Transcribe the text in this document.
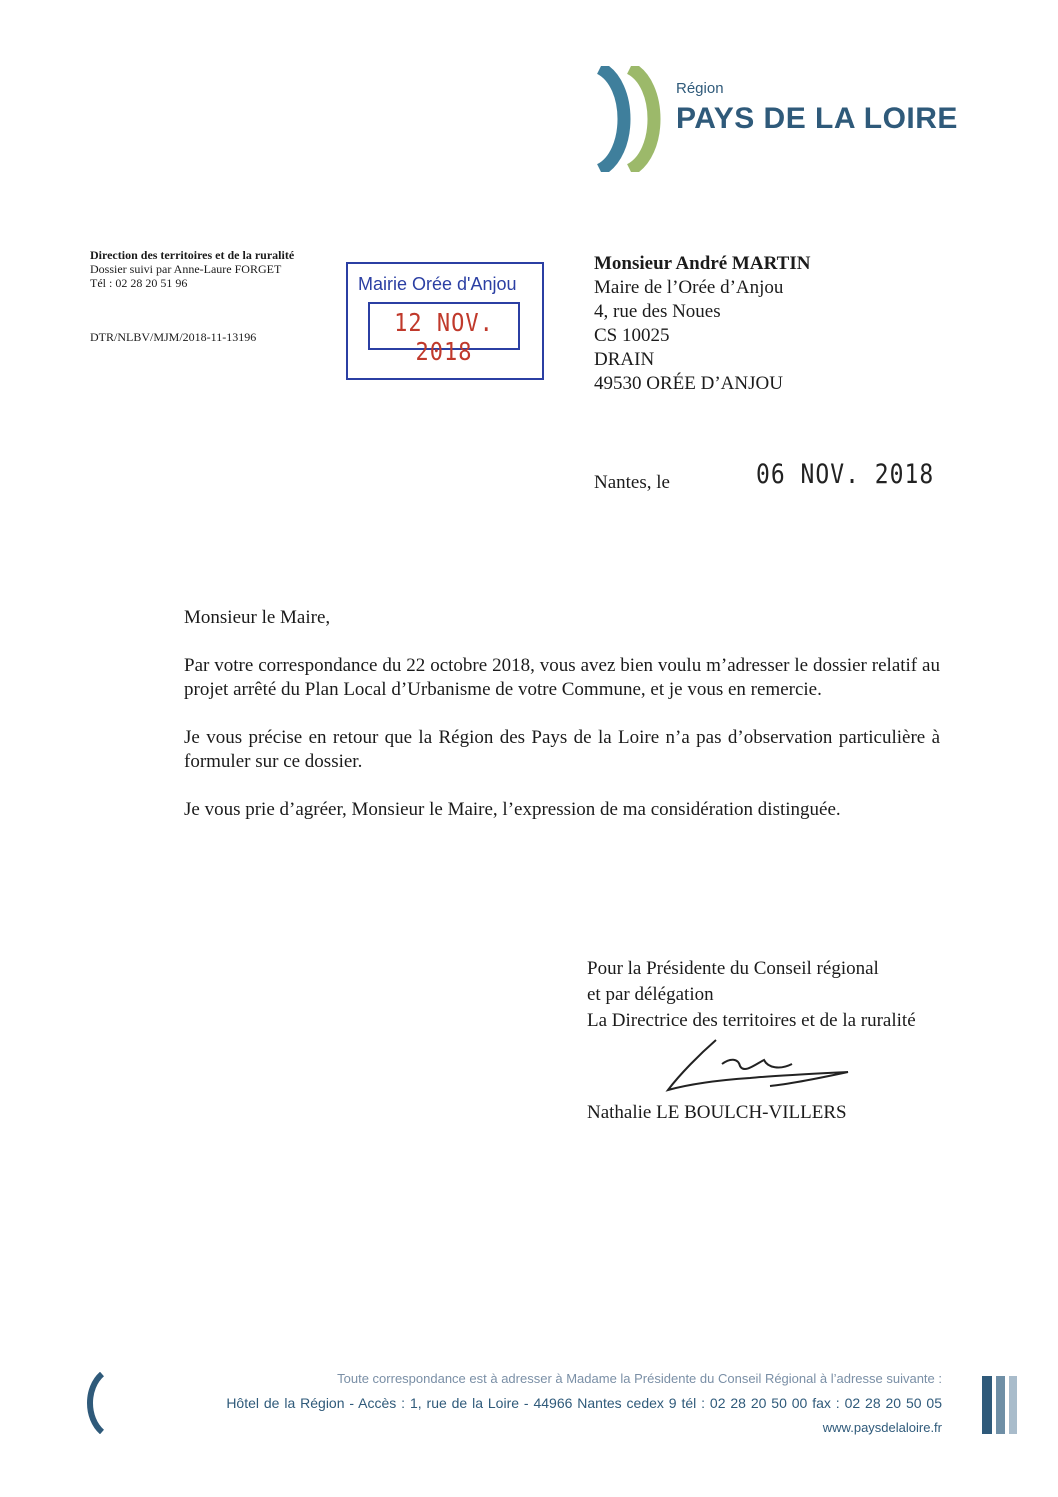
Région
PAYS DE LA LOIRE
Direction des territoires et de la ruralité
Dossier suivi par Anne-Laure FORGET
Tél : 02 28 20 51 96
DTR/NLBV/MJM/2018-11-13196
Mairie Orée d'Anjou
12 NOV. 2018
Monsieur André MARTIN
Maire de l’Orée d’Anjou
4, rue des Noues
CS 10025
DRAIN
49530 ORÉE D’ANJOU
Nantes, le	06 NOV. 2018

Monsieur le Maire,

Par votre correspondance du 22 octobre 2018, vous avez bien voulu m’adresser le dossier relatif au projet arrêté du Plan Local d’Urbanisme de votre Commune, et je vous en remercie.

Je vous précise en retour que la Région des Pays de la Loire n’a pas d’observation particulière à formuler sur ce dossier.

Je vous prie d’agréer, Monsieur le Maire, l’expression de ma considération distinguée.

Pour la Présidente du Conseil régional
et par délégation
La Directrice des territoires et de la ruralité
Nathalie LE BOULCH-VILLERS
Toute correspondance est à adresser à Madame la Présidente du Conseil Régional à l’adresse suivante :
Hôtel de la Région - Accès : 1, rue de la Loire - 44966 Nantes cedex 9 tél : 02 28 20 50 00 fax : 02 28 20 50 05
www.paysdelaloire.fr
